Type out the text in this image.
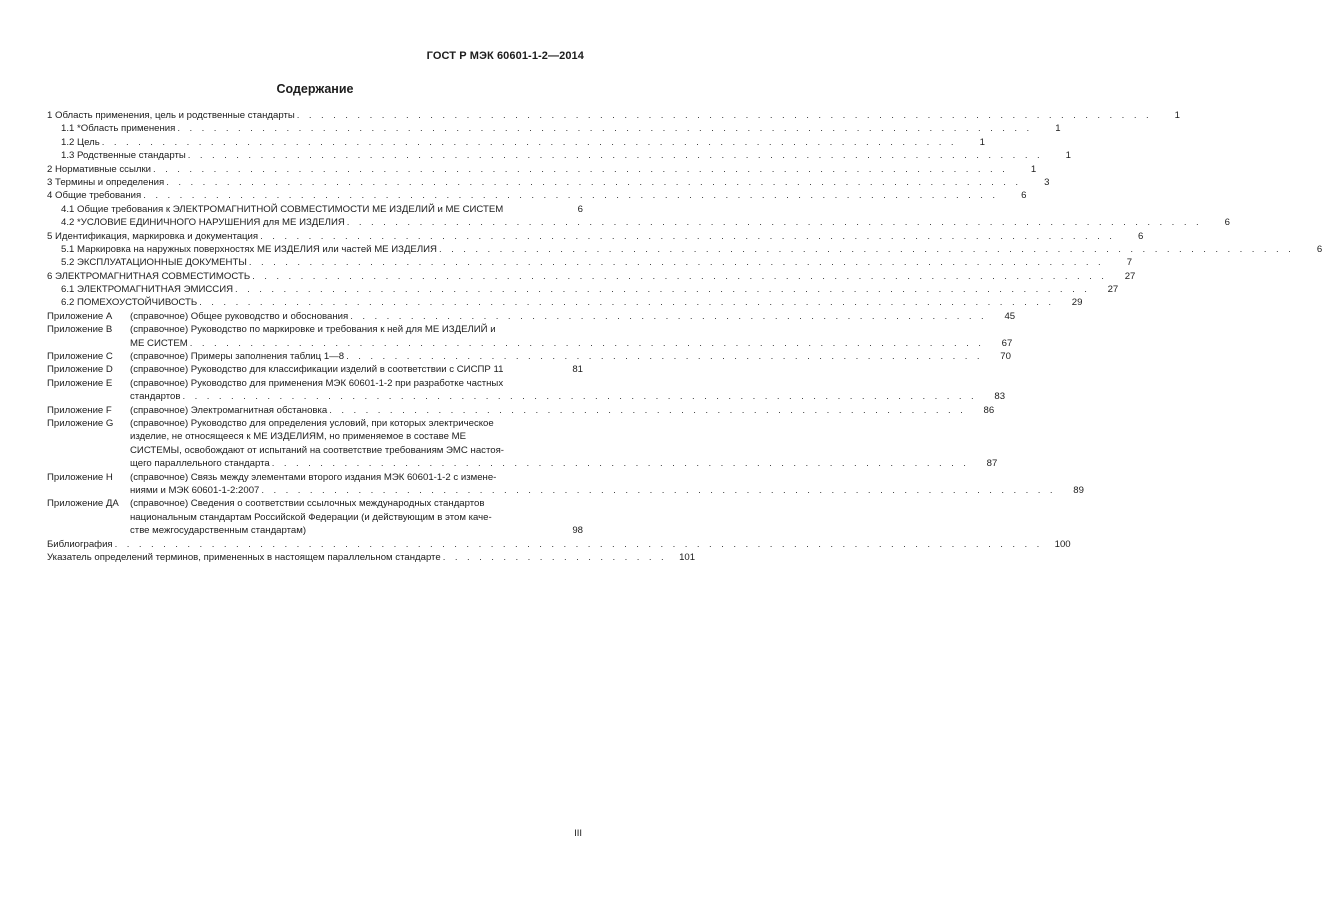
ГОСТ Р МЭК 60601-1-2—2014
Содержание
1 Область применения, цель и родственные стандарты . . . . . . . . . . . . . . . . . . . . . . . . . . . . . . . . . . . . . . . . . . . . . . . . . . . . . . . . . . . . . . . . . . . . . . .	1
1.1 *Область применения . . . . . . . . . . . . . . . . . . . . . . . . . . . . . . . . . . . . . . . . . . . . . . . . . . . . . . . . . . . . . . . . . . . . . . .	1
1.2 Цель . . . . . . . . . . . . . . . . . . . . . . . . . . . . . . . . . . . . . . . . . . . . . . . . . . . . . . . . . . . . . . . . . . . . . . .	1
1.3 Родственные стандарты . . . . . . . . . . . . . . . . . . . . . . . . . . . . . . . . . . . . . . . . . . . . . . . . . . . . . . . . . . . . . . . . . . . . . . .	1
2 Нормативные ссылки . . . . . . . . . . . . . . . . . . . . . . . . . . . . . . . . . . . . . . . . . . . . . . . . . . . . . . . . . . . . . . . . . . . . . . .	1
3 Термины и определения . . . . . . . . . . . . . . . . . . . . . . . . . . . . . . . . . . . . . . . . . . . . . . . . . . . . . . . . . . . . . . . . . . . . . . .	3
4 Общие требования . . . . . . . . . . . . . . . . . . . . . . . . . . . . . . . . . . . . . . . . . . . . . . . . . . . . . . . . . . . . . . . . . . . . . . .	6
4.1 Общие требования к ЭЛЕКТРОМАГНИТНОЙ СОВМЕСТИМОСТИ МЕ ИЗДЕЛИЙ и МЕ СИСТЕМ	6
4.2 *УСЛОВИЕ ЕДИНИЧНОГО НАРУШЕНИЯ для МЕ ИЗДЕЛИЯ . . . . . . . . . . . . . . . . . . . . . . . . . . . . . . . . . . . . . . . . . . . . . . . . . . . . . . . . . . . . . . . . . . . . . . .	6
5 Идентификация, маркировка и документация . . . . . . . . . . . . . . . . . . . . . . . . . . . . . . . . . . . . . . . . . . . . . . . . . . . . . . . . . . . . . . . . . . . . . . .	6
5.1 Маркировка на наружных поверхностях МЕ ИЗДЕЛИЯ или частей МЕ ИЗДЕЛИЯ . . . . . . . . . . . . . . . . . . . . . . . . . . . . . . . . . . . . . . . . . . . . . . . . . . . . . . . . . . . . . . . . . . . . . . .	6
5.2 ЭКСПЛУАТАЦИОННЫЕ ДОКУМЕНТЫ . . . . . . . . . . . . . . . . . . . . . . . . . . . . . . . . . . . . . . . . . . . . . . . . . . . . . . . . . . . . . . . . . . . . . . .	7
6 ЭЛЕКТРОМАГНИТНАЯ СОВМЕСТИМОСТЬ . . . . . . . . . . . . . . . . . . . . . . . . . . . . . . . . . . . . . . . . . . . . . . . . . . . . . . . . . . . . . . . . . . . . . . .	27
6.1 ЭЛЕКТРОМАГНИТНАЯ ЭМИССИЯ . . . . . . . . . . . . . . . . . . . . . . . . . . . . . . . . . . . . . . . . . . . . . . . . . . . . . . . . . . . . . . . . . . . . . . .	27
6.2 ПОМЕХОУСТОЙЧИВОСТЬ . . . . . . . . . . . . . . . . . . . . . . . . . . . . . . . . . . . . . . . . . . . . . . . . . . . . . . . . . . . . . . . . . . . . . . .	29
Приложение А	(справочное) Общее руководство и обоснования . . . . . . . . . . . . . . . . . . . . . . . . . . . . . . . . . . . . . . . . . . . . . . . . . . . . .	45
Приложение В	(справочное) Руководство по маркировке и требования к ней для МЕ ИЗДЕЛИЙ и
МЕ СИСТЕМ . . . . . . . . . . . . . . . . . . . . . . . . . . . . . . . . . . . . . . . . . . . . . . . . . . . . . . . . . . . . . . . . . .	67
Приложение С	(справочное) Примеры заполнения таблиц 1—8 . . . . . . . . . . . . . . . . . . . . . . . . . . . . . . . . . . . . . . . . . . . . . . . . . . . . .	70
Приложение D	(справочное) Руководство для классификации изделий в соответствии с СИСПР 11	81
Приложение Е	(справочное) Руководство для применения МЭК 60601-1-2 при разработке частных
стандартов . . . . . . . . . . . . . . . . . . . . . . . . . . . . . . . . . . . . . . . . . . . . . . . . . . . . . . . . . . . . . . . . . .	83
Приложение F	(справочное) Электромагнитная обстановка . . . . . . . . . . . . . . . . . . . . . . . . . . . . . . . . . . . . . . . . . . . . . . . . . . . . .	86
Приложение G	(справочное) Руководство для определения условий, при которых электрическое
изделие, не относящееся к МЕ ИЗДЕЛИЯМ, но применяемое в составе МЕ
СИСТЕМЫ, освобождают от испытаний на соответствие требованиям ЭМС настоя-
щего параллельного стандарта . . . . . . . . . . . . . . . . . . . . . . . . . . . . . . . . . . . . . . . . . . . . . . . . . . . . . . . . . .	87
Приложение Н	(справочное) Связь между элементами второго издания МЭК 60601-1-2 с измене-
ниями и МЭК 60601-1-2:2007 . . . . . . . . . . . . . . . . . . . . . . . . . . . . . . . . . . . . . . . . . . . . . . . . . . . . . . . . . . . . . . . . . .	89
Приложение ДА	(справочное) Сведения о соответствии ссылочных международных стандартов
национальным стандартам Российской Федерации (и действующим в этом каче-
стве межгосударственным стандартам)	98
Библиография . . . . . . . . . . . . . . . . . . . . . . . . . . . . . . . . . . . . . . . . . . . . . . . . . . . . . . . . . . . . . . . . . . . . . . . . . . . . .	100
Указатель определений терминов, примененных в настоящем параллельном стандарте . . . . . . . . . . . . . . . . . . .	101
III
